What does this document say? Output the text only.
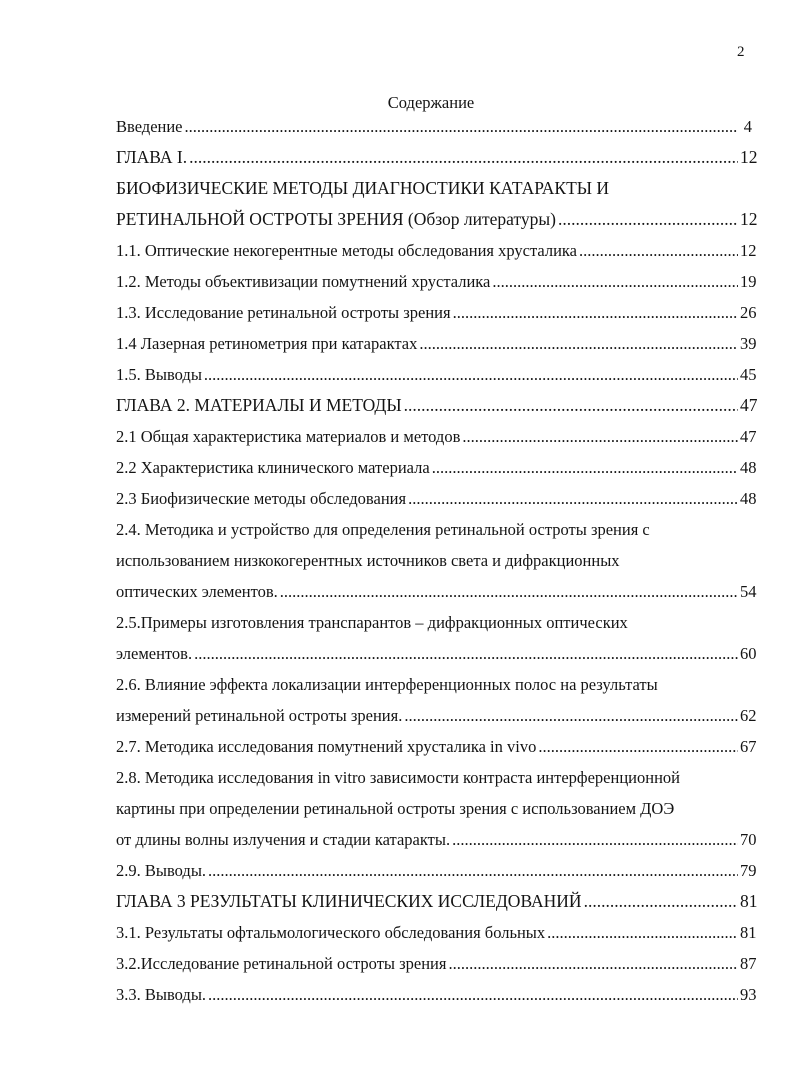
2
Содержание
Введение .....	4
ГЛАВА I. .....	12
БИОФИЗИЧЕСКИЕ МЕТОДЫ ДИАГНОСТИКИ КАТАРАКТЫ И
РЕТИНАЛЬНОЙ ОСТРОТЫ ЗРЕНИЯ (Обзор литературы) .....	12
1.1. Оптические некогерентные методы обследования хрусталика .....	12
1.2. Методы объективизации помутнений хрусталика .....	19
1.3. Исследование ретинальной остроты зрения .....	26
1.4 Лазерная ретинометрия при катарактах .....	39
1.5. Выводы .....	45
ГЛАВА 2. МАТЕРИАЛЫ И МЕТОДЫ .....	47
2.1 Общая характеристика материалов и методов .....	47
2.2 Характеристика клинического материала .....	48
2.3 Биофизические методы обследования .....	48
2.4. Методика и устройство для определения ретинальной остроты зрения с
использованием низкокогерентных источников света и дифракционных
оптических элементов. .....	54
2.5.Примеры изготовления транспарантов – дифракционных оптических
элементов. .....	60
2.6. Влияние эффекта локализации интерференционных полос на результаты
измерений ретинальной остроты зрения. .....	62
2.7. Методика исследования помутнений хрусталика in vivo .....	67
2.8. Методика исследования in vitro зависимости контраста интерференционной
картины при определении ретинальной остроты зрения с использованием ДОЭ
от длины волны излучения и стадии катаракты. .....	70
2.9. Выводы. .....	79
ГЛАВА 3 РЕЗУЛЬТАТЫ КЛИНИЧЕСКИХ ИССЛЕДОВАНИЙ .....	81
3.1. Результаты офтальмологического обследования больных .....	81
3.2.Исследование ретинальной остроты зрения .....	87
3.3. Выводы. .....	93
